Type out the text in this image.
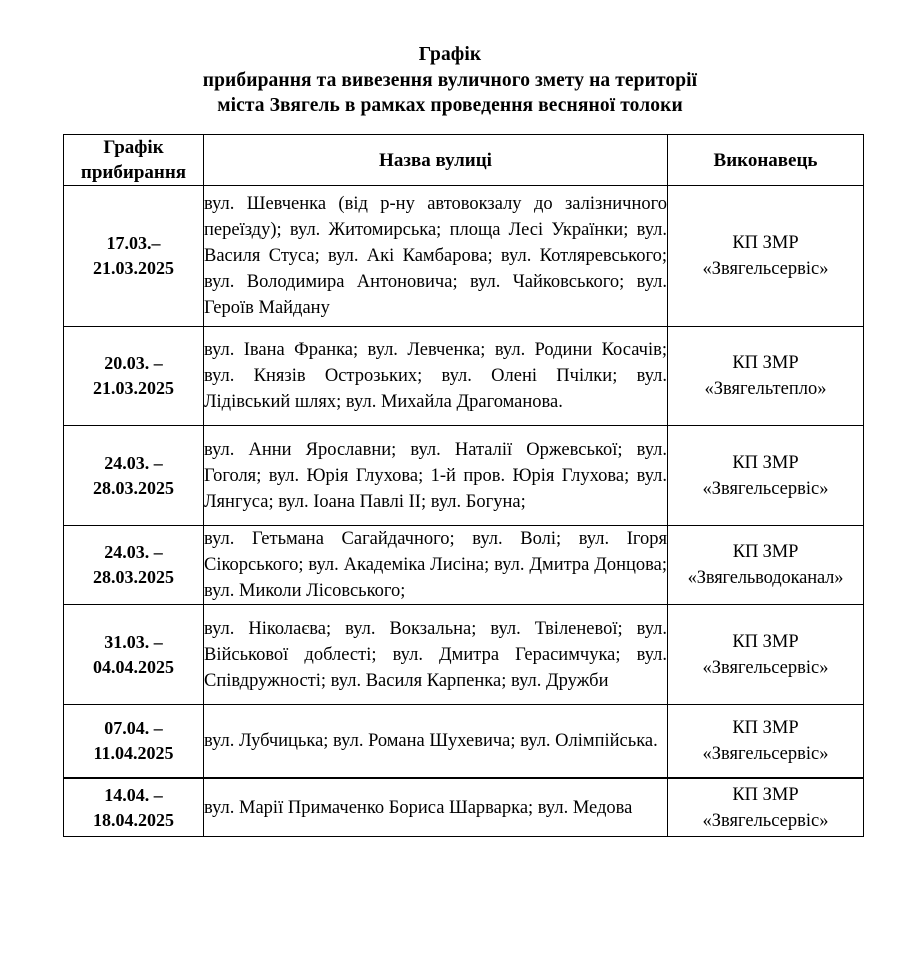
Графік
прибирання та вивезення вуличного змету на території
міста Звягель в рамках проведення весняної толоки
Графік прибирання	Назва вулиці	Виконавець

17.03.–
21.03.2025	вул. Шевченка (від р-ну автовокзалу до залізничного переїзду); вул. Житомирська; площа Лесі Українки; вул. Василя Стуса; вул. Акі Камбарова; вул. Котляревського; вул. Володимира Антоновича; вул. Чайковського; вул. Героїв Майдану	КП ЗМР
«Звягельсервіс»

20.03. –
21.03.2025	вул. Івана Франка; вул. Левченка; вул. Родини Косачів; вул. Князів Острозьких; вул. Олені Пчілки; вул. Лідівський шлях; вул. Михайла Драгоманова.	КП ЗМР
«Звягельтепло»

24.03. –
28.03.2025	вул. Анни Ярославни; вул. Наталії Оржевської; вул. Гоголя; вул. Юрія Глухова; 1-й пров. Юрія Глухова; вул. Лянгуса; вул. Іоана Павлі II; вул. Богуна;	КП ЗМР
«Звягельсервіс»

24.03. –
28.03.2025	вул. Гетьмана Сагайдачного; вул. Волі; вул. Ігоря Сікорського; вул. Академіка Лисіна; вул. Дмитра Донцова; вул. Миколи Лісовського;	КП ЗМР
«Звягельводоканал»

31.03. –
04.04.2025	вул. Ніколаєва; вул. Вокзальна; вул. Твіленевої; вул. Військової доблесті; вул. Дмитра Герасимчука; вул. Співдружності; вул. Василя Карпенка; вул. Дружби	КП ЗМР
«Звягельсервіс»

07.04. –
11.04.2025	вул. Лубчицька; вул. Романа Шухевича; вул. Олімпійська.	КП ЗМР
«Звягельсервіс»

14.04. –
18.04.2025	вул. Марії Примаченко Бориса Шарварка; вул. Медова	КП ЗМР
«Звягельсервіс»
